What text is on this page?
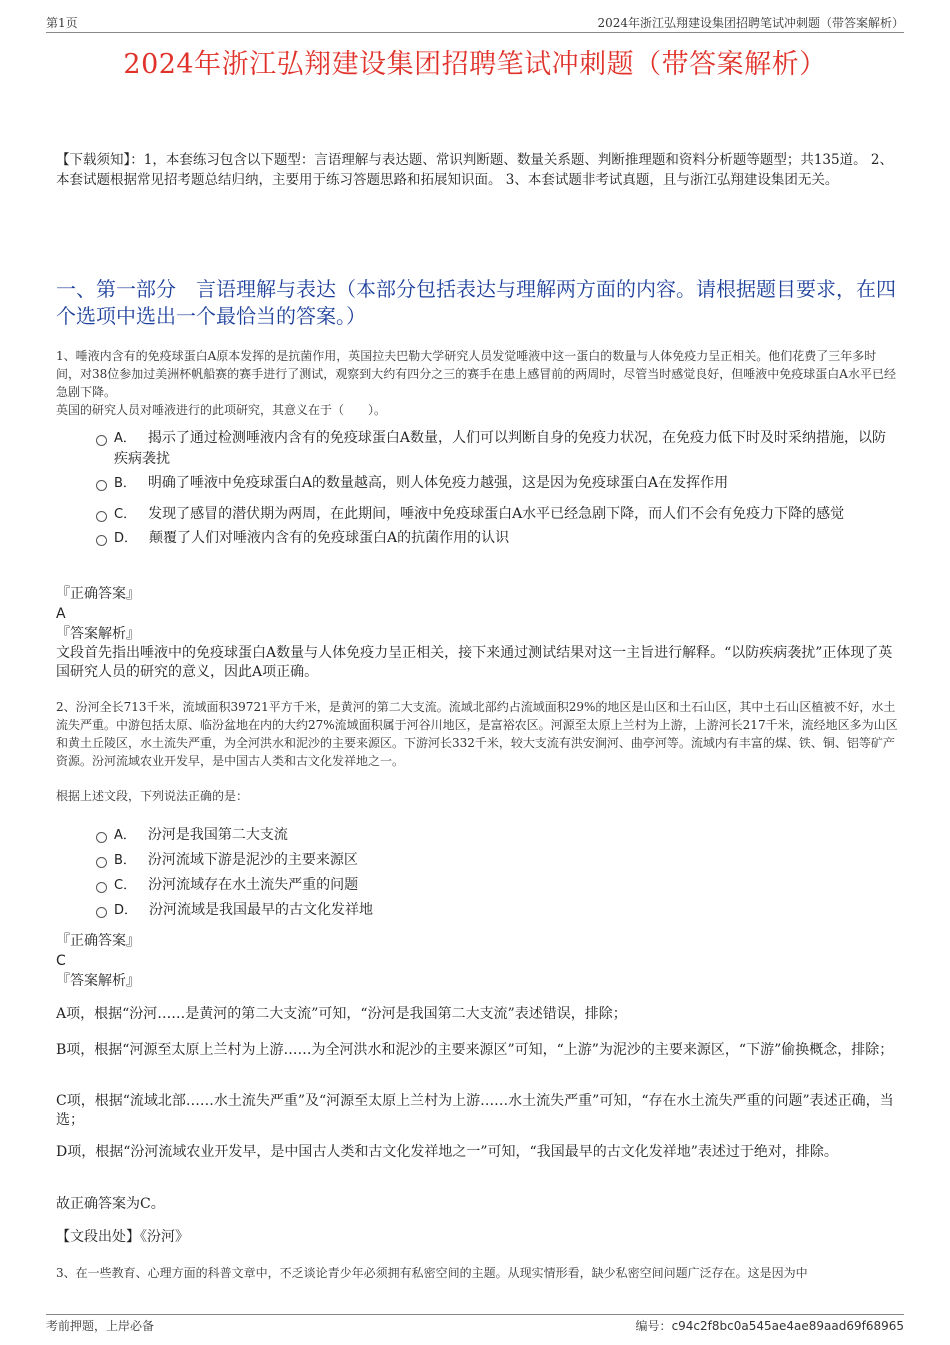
第1页	2024年浙江弘翔建设集团招聘笔试冲刺题（带答案解析）
2024年浙江弘翔建设集团招聘笔试冲刺题（带答案解析）
【下载须知】：1，本套练习包含以下题型：言语理解与表达题、常识判断题、数量关系题、判断推理题和资料分析题等题型；共135道。 2、本套试题根据常见招考题总结归纳，主要用于练习答题思路和拓展知识面。 3、本套试题非考试真题，且与浙江弘翔建设集团无关。
一、第一部分　言语理解与表达（本部分包括表达与理解两方面的内容。请根据题目要求，在四个选项中选出一个最恰当的答案。）

1、唾液内含有的免疫球蛋白A原本发挥的是抗菌作用，英国拉夫巴勒大学研究人员发觉唾液中这一蛋白的数量与人体免疫力呈正相关。他们花费了三年多时间，对38位参加过美洲杯帆船赛的赛手进行了测试，观察到大约有四分之三的赛手在患上感冒前的两周时，尽管当时感觉良好，但唾液中免疫球蛋白A水平已经急剧下降。

英国的研究人员对唾液进行的此项研究，其意义在于（　　）。

A． 揭示了通过检测唾液内含有的免疫球蛋白A数量，人们可以判断自身的免疫力状况，在免疫力低下时及时采纳措施，以防疾病袭扰
B． 明确了唾液中免疫球蛋白A的数量越高，则人体免疫力越强，这是因为免疫球蛋白A在发挥作用
C． 发现了感冒的潜伏期为两周，在此期间，唾液中免疫球蛋白A水平已经急剧下降，而人们不会有免疫力下降的感觉
D． 颠覆了人们对唾液内含有的免疫球蛋白A的抗菌作用的认识
『正确答案』
A
『答案解析』
文段首先指出唾液中的免疫球蛋白A数量与人体免疫力呈正相关，接下来通过测试结果对这一主旨进行解释。“以防疾病袭扰”正体现了英国研究人员的研究的意义，因此A项正确。

2、汾河全长713千米，流域面积39721平方千米，是黄河的第二大支流。流域北部约占流域面积29%的地区是山区和土石山区，其中土石山区植被不好，水土流失严重。中游包括太原、临汾盆地在内的大约27%流域面积属于河谷川地区，是富裕农区。河源至太原上兰村为上游，上游河长217千米，流经地区多为山区和黄土丘陵区，水土流失严重，为全河洪水和泥沙的主要来源区。下游河长332千米，较大支流有洪安涧河、曲亭河等。流域内有丰富的煤、铁、铜、铝等矿产资源。汾河流域农业开发早，是中国古人类和古文化发祥地之一。

根据上述文段，下列说法正确的是：

A． 汾河是我国第二大支流
B． 汾河流域下游是泥沙的主要来源区
C． 汾河流域存在水土流失严重的问题
D． 汾河流域是我国最早的古文化发祥地
『正确答案』
C
『答案解析』
A项，根据“汾河……是黄河的第二大支流”可知，“汾河是我国第二大支流”表述错误，排除；
B项，根据“河源至太原上兰村为上游……为全河洪水和泥沙的主要来源区”可知，“上游”为泥沙的主要来源区，“下游”偷换概念，排除；
C项，根据“流域北部……水土流失严重”及“河源至太原上兰村为上游……水土流失严重”可知，“存在水土流失严重的问题”表述正确，当选；
D项，根据“汾河流域农业开发早，是中国古人类和古文化发祥地之一”可知，“我国最早的古文化发祥地”表述过于绝对，排除。
故正确答案为C。
【文段出处】《汾河》
3、在一些教育、心理方面的科普文章中，不乏谈论青少年必须拥有私密空间的主题。从现实情形看，缺少私密空间问题广泛存在。这是因为中
考前押题，上岸必备	编号：c94c2f8bc0a545ae4ae89aad69f68965
